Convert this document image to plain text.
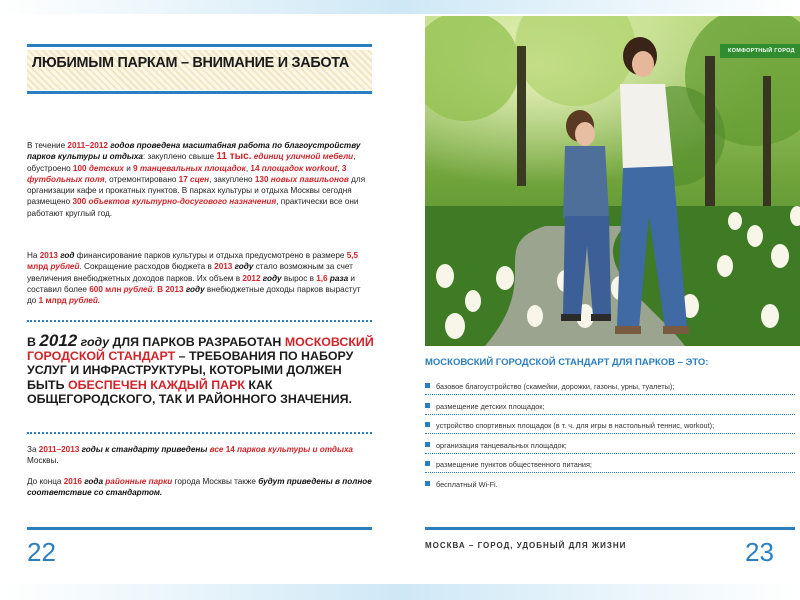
ЛЮБИМЫМ ПАРКАМ – ВНИМАНИЕ И ЗАБОТА
В течение 2011–2012 годов проведена масштабная работа по благоустройству парков культуры и отдыха: закуплено свыше 11 тыс. единиц уличной мебели, обустроено 100 детских и 9 танцевальных площадок, 14 площадок workout, 3 футбольных поля, отремонтировано 17 сцен, закуплено 130 новых павильонов для организации кафе и прокатных пунктов. В парках культуры и отдыха Москвы сегодня размещено 300 объектов культурно-досугового назначения, практически все они работают круглый год.
На 2013 год финансирование парков культуры и отдыха предусмотрено в размере 5,5 млрд рублей. Сокращение расходов бюджета в 2013 году стало возможным за счет увеличения внебюджетных доходов парков. Их объем в 2012 году вырос в 1,6 раза и составил более 600 млн рублей. В 2013 году внебюджетные доходы парков вырастут до 1 млрд рублей.
В 2012 году ДЛЯ ПАРКОВ РАЗРАБОТАН МОСКОВСКИЙ ГОРОДСКОЙ СТАНДАРТ – ТРЕБОВАНИЯ ПО НАБОРУ УСЛУГ И ИНФРАСТРУКТУРЫ, КОТОРЫМИ ДОЛЖЕН БЫТЬ ОБЕСПЕЧЕН КАЖДЫЙ ПАРК КАК ОБЩЕГОРОДСКОГО, ТАК И РАЙОННОГО ЗНАЧЕНИЯ.
За 2011–2013 годы к стандарту приведены все 14 парков культуры и отдыха Москвы.
До конца 2016 года районные парки города Москвы также будут приведены в полное соответствие со стандартом.
22
КОМФОРТНЫЙ ГОРОД
МОСКОВСКИЙ ГОРОДСКОЙ СТАНДАРТ ДЛЯ ПАРКОВ – ЭТО:
базовое благоустройство (скамейки, дорожки, газоны, урны, туалеты);
размещение детских площадок;
устройство спортивных площадок (в т. ч. для игры в настольный теннис, workout);
организация танцевальных площадок;
размещение пунктов общественного питания;
бесплатный Wi-Fi.
МОСКВА – ГОРОД, УДОБНЫЙ ДЛЯ ЖИЗНИ	23
